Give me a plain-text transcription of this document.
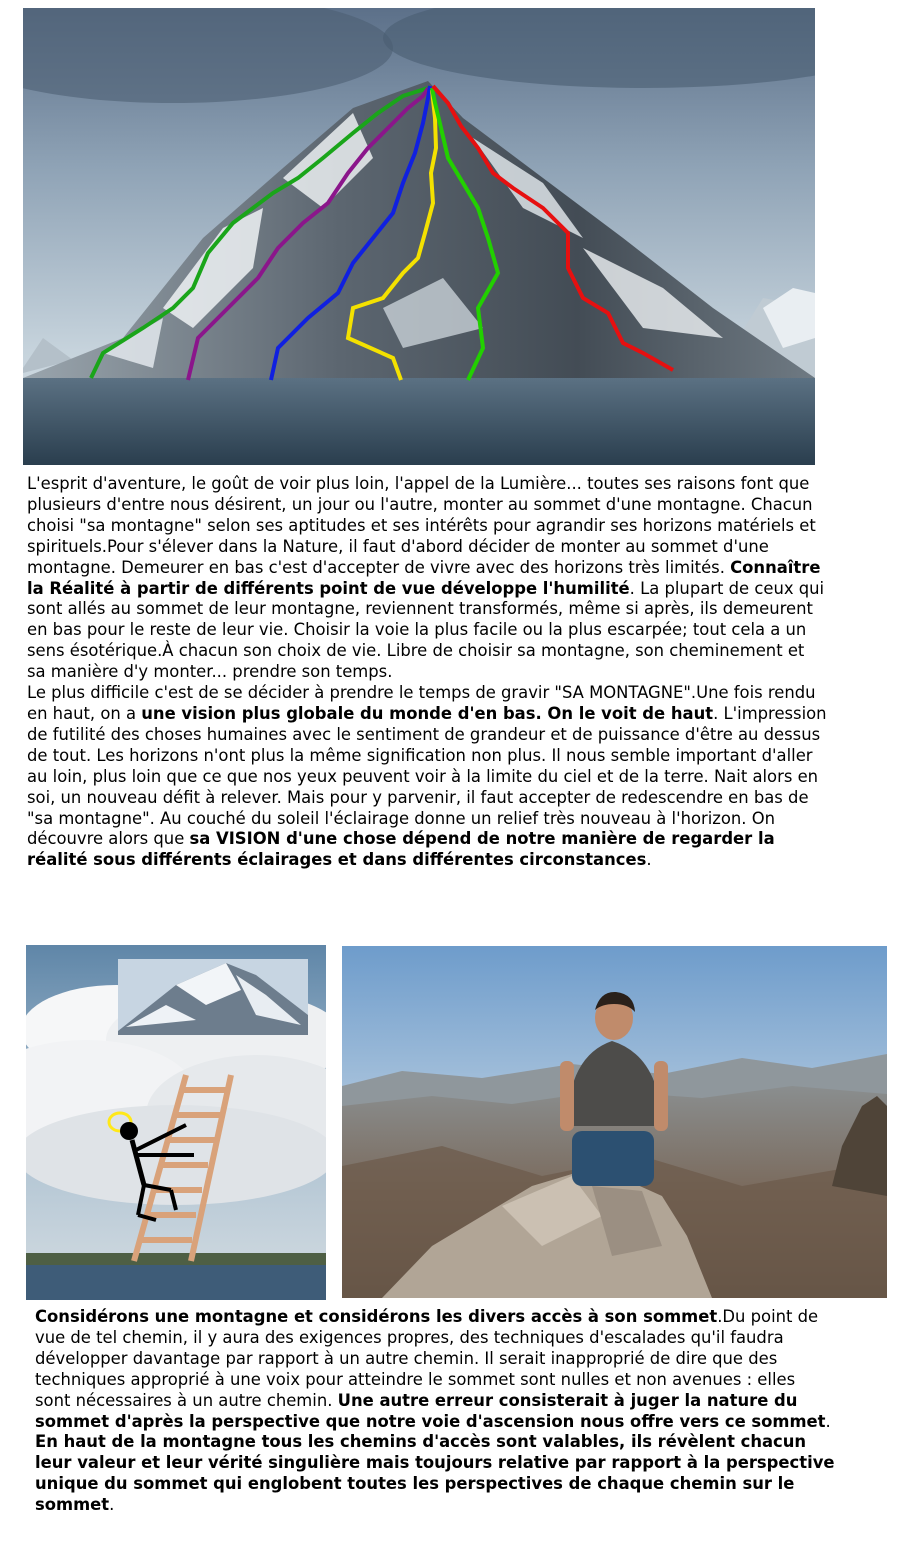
L'esprit d'aventure, le goût de voir plus loin, l'appel de la Lumière... toutes ses raisons font que plusieurs d'entre nous désirent, un jour ou l'autre, monter au sommet d'une montagne. Chacun choisi "sa montagne" selon ses aptitudes et ses intérêts pour agrandir ses horizons matériels et spirituels.Pour s'élever dans la Nature, il faut d'abord décider de monter au sommet d'une montagne. Demeurer en bas c'est d'accepter de vivre avec des horizons très limités. Connaître la Réalité à partir de différents point de vue développe l'humilité. La plupart de ceux qui sont allés au sommet de leur montagne, reviennent transformés, même si après, ils demeurent en bas pour le reste de leur vie. Choisir la voie la plus facile ou la plus escarpée; tout cela a un sens ésotérique.À chacun son choix de vie. Libre de choisir sa montagne, son cheminement et sa manière d'y monter... prendre son temps.

Le plus difficile c'est de se décider à prendre le temps de gravir "SA MONTAGNE".Une fois rendu en haut, on a une vision plus globale du monde d'en bas. On le voit de haut. L'impression de futilité des choses humaines avec le sentiment de grandeur et de puissance d'être au dessus de tout. Les horizons n'ont plus la même signification non plus. Il nous semble important d'aller au loin, plus loin que ce que nos yeux peuvent voir à la limite du ciel et de la terre. Nait alors en soi, un nouveau défit à relever. Mais pour y parvenir, il faut accepter de redescendre en bas de "sa montagne". Au couché du soleil l'éclairage donne un relief très nouveau à l'horizon. On découvre alors que sa VISION d'une chose dépend de notre manière de regarder la réalité sous différents éclairages et dans différentes circonstances.

Considérons une montagne et considérons les divers accès à son sommet.Du point de vue de tel chemin, il y aura des exigences propres, des techniques d'escalades qu'il faudra développer davantage par rapport à un autre chemin. Il serait inapproprié de dire que des techniques approprié à une voix pour atteindre le sommet sont nulles et non avenues : elles sont nécessaires à un autre chemin. Une autre erreur consisterait à juger la nature du sommet d'après la perspective que notre voie d'ascension nous offre vers ce sommet. En haut de la montagne tous les chemins d'accès sont valables, ils révèlent chacun leur valeur et leur vérité singulière mais toujours relative par rapport à la perspective unique du sommet qui englobent toutes les perspectives de chaque chemin sur le sommet.
